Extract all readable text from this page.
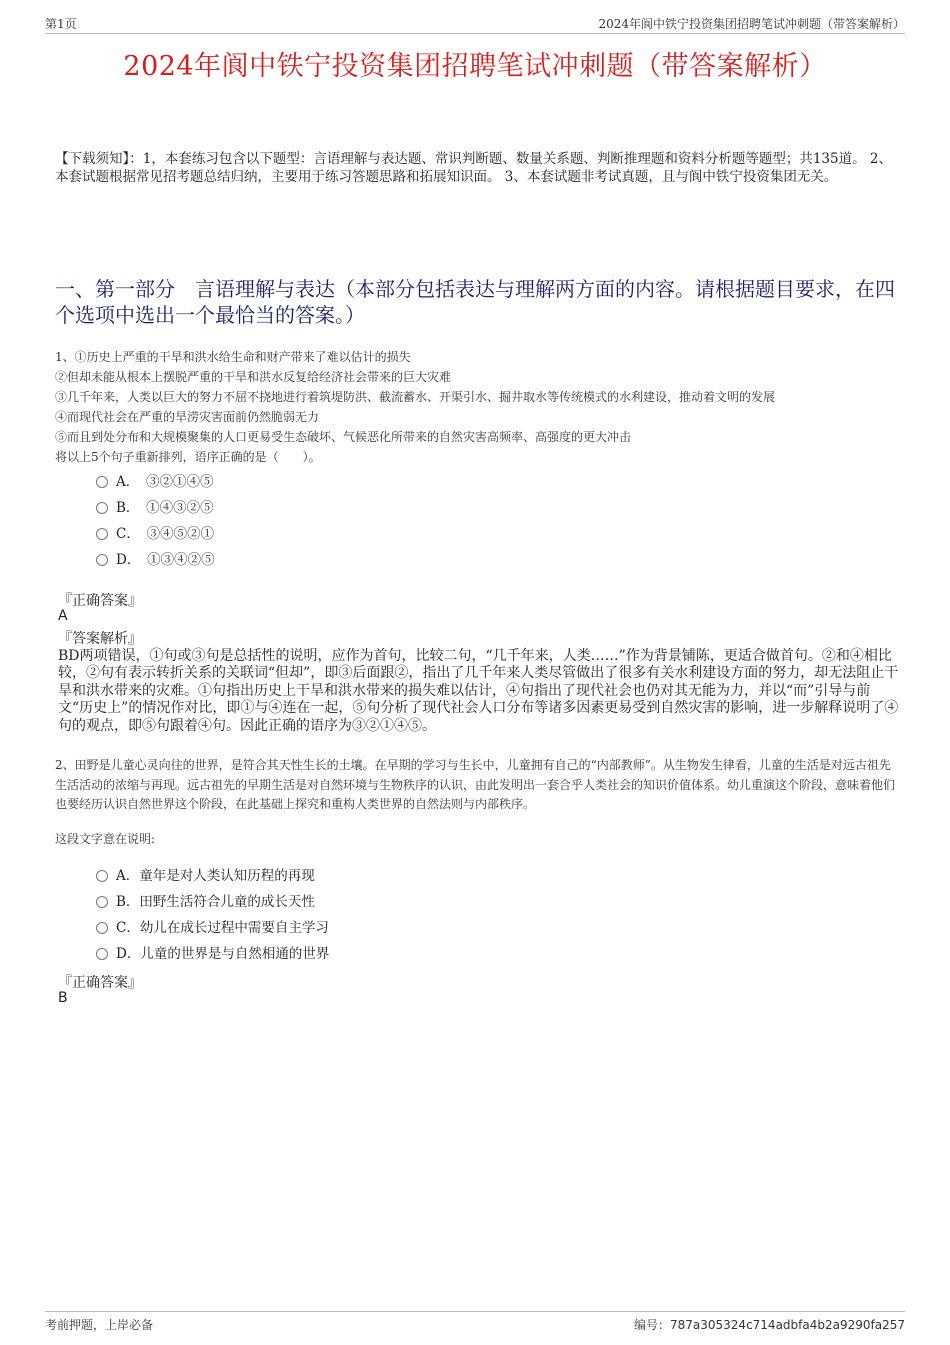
第1页	2024年阆中铁宁投资集团招聘笔试冲刺题（带答案解析）
2024年阆中铁宁投资集团招聘笔试冲刺题（带答案解析）
【下载须知】：1，本套练习包含以下题型：言语理解与表达题、常识判断题、数量关系题、判断推理题和资料分析题等题型；共135道。 2、本套试题根据常见招考题总结归纳，主要用于练习答题思路和拓展知识面。 3、本套试题非考试真题，且与阆中铁宁投资集团无关。
一、第一部分　言语理解与表达（本部分包括表达与理解两方面的内容。请根据题目要求，在四个选项中选出一个最恰当的答案。）
1、①历史上严重的干旱和洪水给生命和财产带来了难以估计的损失
②但却未能从根本上摆脱严重的干旱和洪水反复给经济社会带来的巨大灾难
③几千年来，人类以巨大的努力不屈不挠地进行着筑堤防洪、截流蓄水、开渠引水、掘井取水等传统模式的水利建设，推动着文明的发展
④而现代社会在严重的旱涝灾害面前仍然脆弱无力
⑤而且到处分布和大规模聚集的人口更易受生态破坏、气候恶化所带来的自然灾害高频率、高强度的更大冲击
将以上5个句子重新排列，语序正确的是（　　）。
A．　③②①④⑤
B．　①④③②⑤
C．　③④⑤②①
D．　①③④②⑤
『正确答案』
A
『答案解析』
BD两项错误，①句或③句是总括性的说明，应作为首句，比较二句，“几千年来，人类……”作为背景铺陈，更适合做首句。②和④相比较，②句有表示转折关系的关联词“但却”，即③后面跟②，指出了几千年来人类尽管做出了很多有关水利建设方面的努力，却无法阻止干旱和洪水带来的灾难。①句指出历史上干旱和洪水带来的损失难以估计，④句指出了现代社会也仍对其无能为力，并以“而”引导与前文“历史上”的情况作对比，即①与④连在一起，⑤句分析了现代社会人口分布等诸多因素更易受到自然灾害的影响，进一步解释说明了④句的观点，即⑤句跟着④句。因此正确的语序为③②①④⑤。
2、田野是儿童心灵向往的世界，是符合其天性生长的土壤。在早期的学习与生长中，儿童拥有自己的“内部教师”。从生物发生律看，儿童的生活是对远古祖先生活活动的浓缩与再现。远古祖先的早期生活是对自然环境与生物秩序的认识，由此发明出一套合乎人类社会的知识价值体系。幼儿重演这个阶段，意味着他们也要经历认识自然世界这个阶段，在此基础上探究和重构人类世界的自然法则与内部秩序。
这段文字意在说明:
A．童年是对人类认知历程的再现
B．田野生活符合儿童的成长天性
C．幼儿在成长过程中需要自主学习
D．儿童的世界是与自然相通的世界
『正确答案』
B
考前押题，上岸必备	编号：787a305324c714adbfa4b2a9290fa257
